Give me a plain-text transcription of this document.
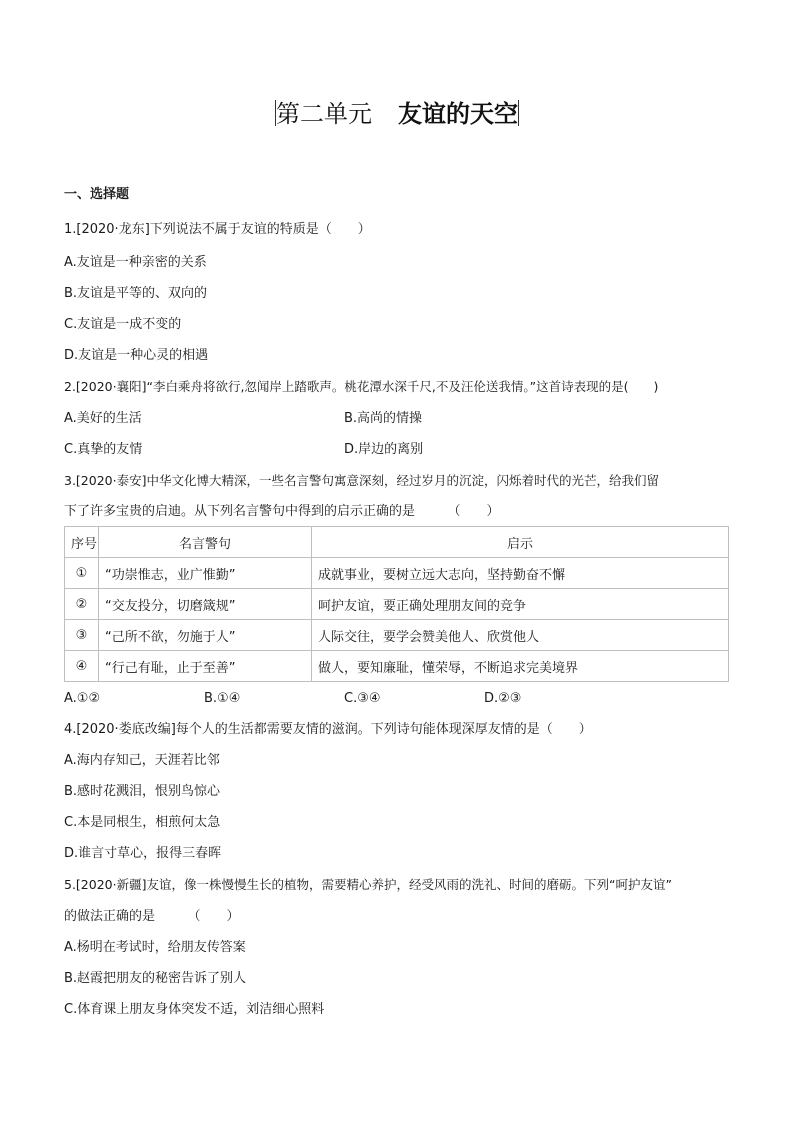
第二单元 友谊的天空
一、选择题
1.[2020·龙东]下列说法不属于友谊的特质是（　　）
A.友谊是一种亲密的关系
B.友谊是平等的、双向的
C.友谊是一成不变的
D.友谊是一种心灵的相遇
2.[2020·襄阳]“李白乘舟将欲行,忽闻岸上踏歌声。桃花潭水深千尺,不及汪伦送我情。”这首诗表现的是(　　)
A.美好的生活	B.高尚的情操
C.真挚的友情	D.岸边的离别
3.[2020·泰安]中华文化博大精深，一些名言警句寓意深刻，经过岁月的沉淀，闪烁着时代的光芒，给我们留
下了许多宝贵的启迪。从下列名言警句中得到的启示正确的是　　　（　　）
序号	名言警句	启示
①	“功崇惟志，业广惟勤”	成就事业，要树立远大志向，坚持勤奋不懈
②	“交友投分，切磨箴规”	呵护友谊，要正确处理朋友间的竞争
③	“己所不欲，勿施于人”	人际交往，要学会赞美他人、欣赏他人
④	“行己有耻，止于至善”	做人，要知廉耻，懂荣辱，不断追求完美境界
A.①②	B.①④	C.③④	D.②③
4.[2020·娄底改编]每个人的生活都需要友情的滋润。下列诗句能体现深厚友情的是（　　）
A.海内存知己，天涯若比邻
B.感时花溅泪，恨别鸟惊心
C.本是同根生，相煎何太急
D.谁言寸草心，报得三春晖
5.[2020·新疆]友谊，像一株慢慢生长的植物，需要精心养护，经受风雨的洗礼、时间的磨砺。下列“呵护友谊”
的做法正确的是　　　（　　）
A.杨明在考试时，给朋友传答案
B.赵霞把朋友的秘密告诉了别人
C.体育课上朋友身体突发不适，刘洁细心照料
